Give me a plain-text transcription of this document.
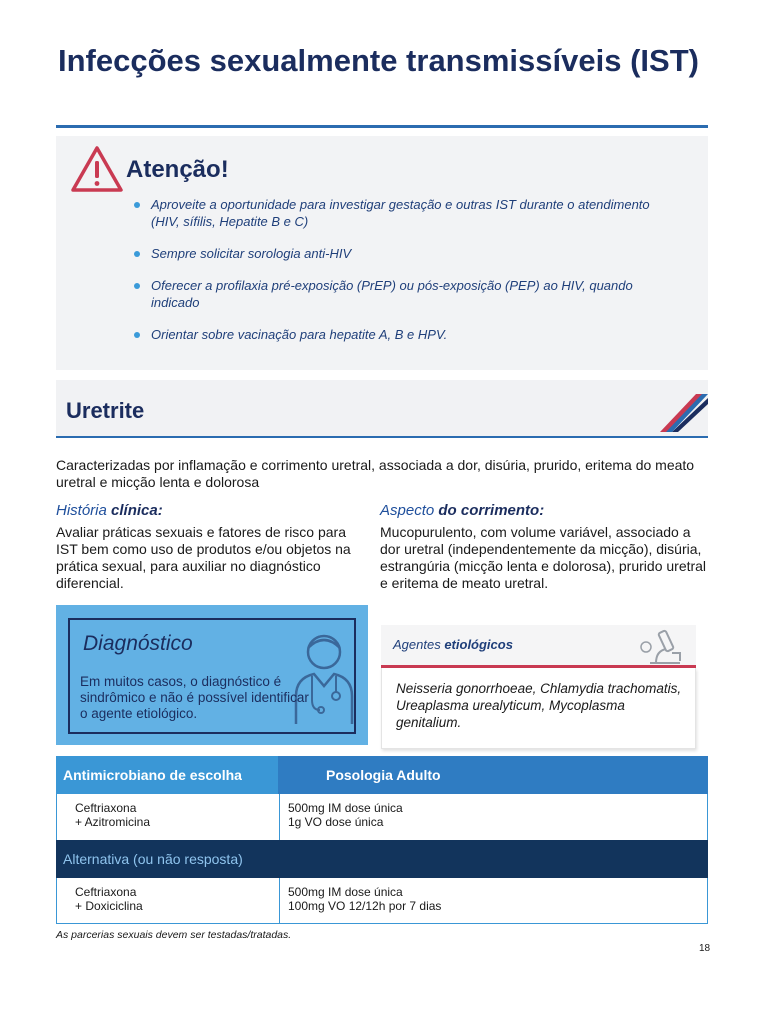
Infecções sexualmente transmissíveis (IST)
Atenção!
Aproveite a oportunidade para investigar gestação e outras IST durante o atendimento (HIV, sífilis, Hepatite B e C)
Sempre solicitar sorologia anti-HIV
Oferecer a profilaxia pré-exposição (PrEP) ou pós-exposição (PEP) ao HIV, quando indicado
Orientar sobre vacinação para hepatite A, B e HPV.
Uretrite

Caracterizadas por inflamação e corrimento uretral, associada a dor, disúria, prurido, eritema do meato uretral e micção lenta e dolorosa

História clínica:

Avaliar práticas sexuais e fatores de risco para IST bem como uso de produtos e/ou objetos na prática sexual, para auxiliar no diagnóstico diferencial.

Aspecto do corrimento:

Mucopurulento, com volume variável, associado a dor uretral (independentemente da micção), disúria, estrangúria (micção lenta e dolorosa), prurido uretral e eritema de meato uretral.

Diagnóstico

Em muitos casos, o diagnóstico é sindrômico e não é possível identificar o agente etiológico.

Agentes etiológicos

Neisseria gonorrhoeae, Chlamydia trachomatis, Ureaplasma urealyticum, Mycoplasma genitalium.

Antimicrobiano de escolha	Posologia Adulto
Ceftriaxona
+ Azitromicina
500mg IM dose única
1g VO dose única
Alternativa (ou não resposta)
Ceftriaxona
+ Doxiciclina
500mg IM dose única
100mg VO 12/12h por 7 dias

As parcerias sexuais devem ser testadas/tratadas.

18
